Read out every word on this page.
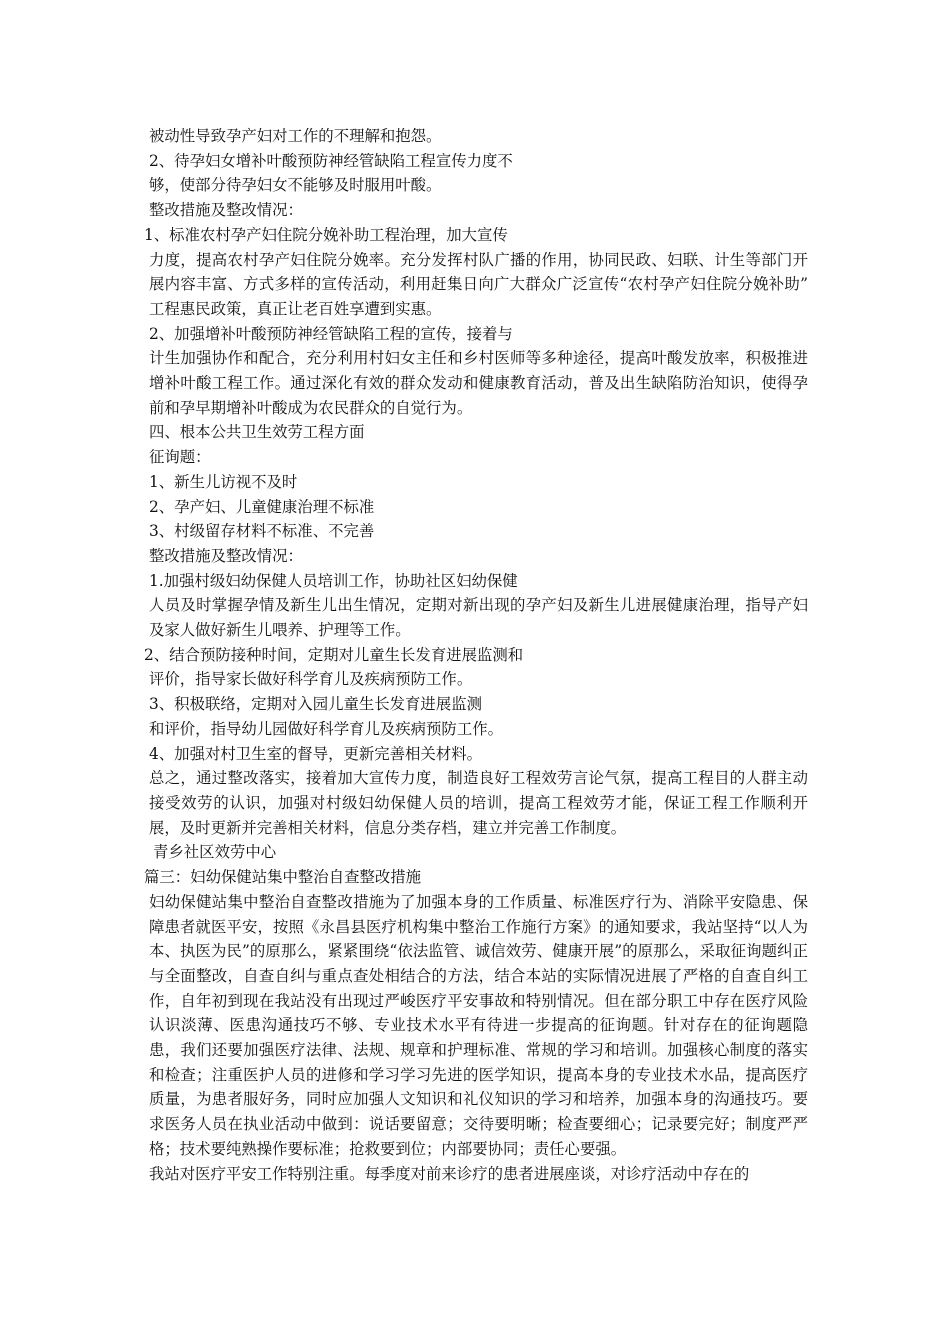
被动性导致孕产妇对工作的不理解和抱怨。
2、待孕妇女增补叶酸预防神经管缺陷工程宣传力度不
够，使部分待孕妇女不能够及时服用叶酸。
整改措施及整改情况：
1、标准农村孕产妇住院分娩补助工程治理，加大宣传
力度，提高农村孕产妇住院分娩率。充分发挥村队广播的作用，协同民政、妇联、计生等部门开展内容丰富、方式多样的宣传活动，利用赶集日向广大群众广泛宣传“农村孕产妇住院分娩补助” 工程惠民政策，真正让老百姓享遭到实惠。
2、加强增补叶酸预防神经管缺陷工程的宣传，接着与
计生加强协作和配合，充分利用村妇女主任和乡村医师等多种途径，提高叶酸发放率，积极推进增补叶酸工程工作。通过深化有效的群众发动和健康教育活动，普及出生缺陷防治知识，使得孕前和孕早期增补叶酸成为农民群众的自觉行为。
四、根本公共卫生效劳工程方面
征询题：
1、新生儿访视不及时
2、孕产妇、儿童健康治理不标准
3、村级留存材料不标准、不完善
整改措施及整改情况：
1.加强村级妇幼保健人员培训工作，协助社区妇幼保健
人员及时掌握孕情及新生儿出生情况，定期对新出现的孕产妇及新生儿进展健康治理，指导产妇及家人做好新生儿喂养、护理等工作。
2、结合预防接种时间，定期对儿童生长发育进展监测和
评价，指导家长做好科学育儿及疾病预防工作。
3、积极联络，定期对入园儿童生长发育进展监测
和评价，指导幼儿园做好科学育儿及疾病预防工作。
4、加强对村卫生室的督导，更新完善相关材料。
总之，通过整改落实，接着加大宣传力度，制造良好工程效劳言论气氛，提高工程目的人群主动接受效劳的认识，加强对村级妇幼保健人员的培训，提高工程效劳才能，保证工程工作顺利开展，及时更新并完善相关材料，信息分类存档，建立并完善工作制度。
青乡社区效劳中心
篇三：妇幼保健站集中整治自查整改措施
妇幼保健站集中整治自查整改措施为了加强本身的工作质量、标准医疗行为、消除平安隐患、保障患者就医平安，按照《永昌县医疗机构集中整治工作施行方案》的通知要求，我站坚持“以人为本、执医为民”的原那么，紧紧围绕“依法监管、诚信效劳、健康开展”的原那么，采取征询题纠正与全面整改，自查自纠与重点查处相结合的方法，结合本站的实际情况进展了严格的自查自纠工作，自年初到现在我站没有出现过严峻医疗平安事故和特别情况。但在部分职工中存在医疗风险认识淡薄、医患沟通技巧不够、专业技术水平有待进一步提高的征询题。针对存在的征询题隐患，我们还要加强医疗法律、法规、规章和护理标准、常规的学习和培训。加强核心制度的落实和检查；注重医护人员的进修和学习学习先进的医学知识，提高本身的专业技术水品，提高医疗质量，为患者服好务，同时应加强人文知识和礼仪知识的学习和培养，加强本身的沟通技巧。要求医务人员在执业活动中做到：说话要留意；交待要明晰；检查要细心；记录要完好；制度严严格；技术要纯熟操作要标准；抢救要到位；内部要协同；责任心要强。
我站对医疗平安工作特别注重。每季度对前来诊疗的患者进展座谈，对诊疗活动中存在的
